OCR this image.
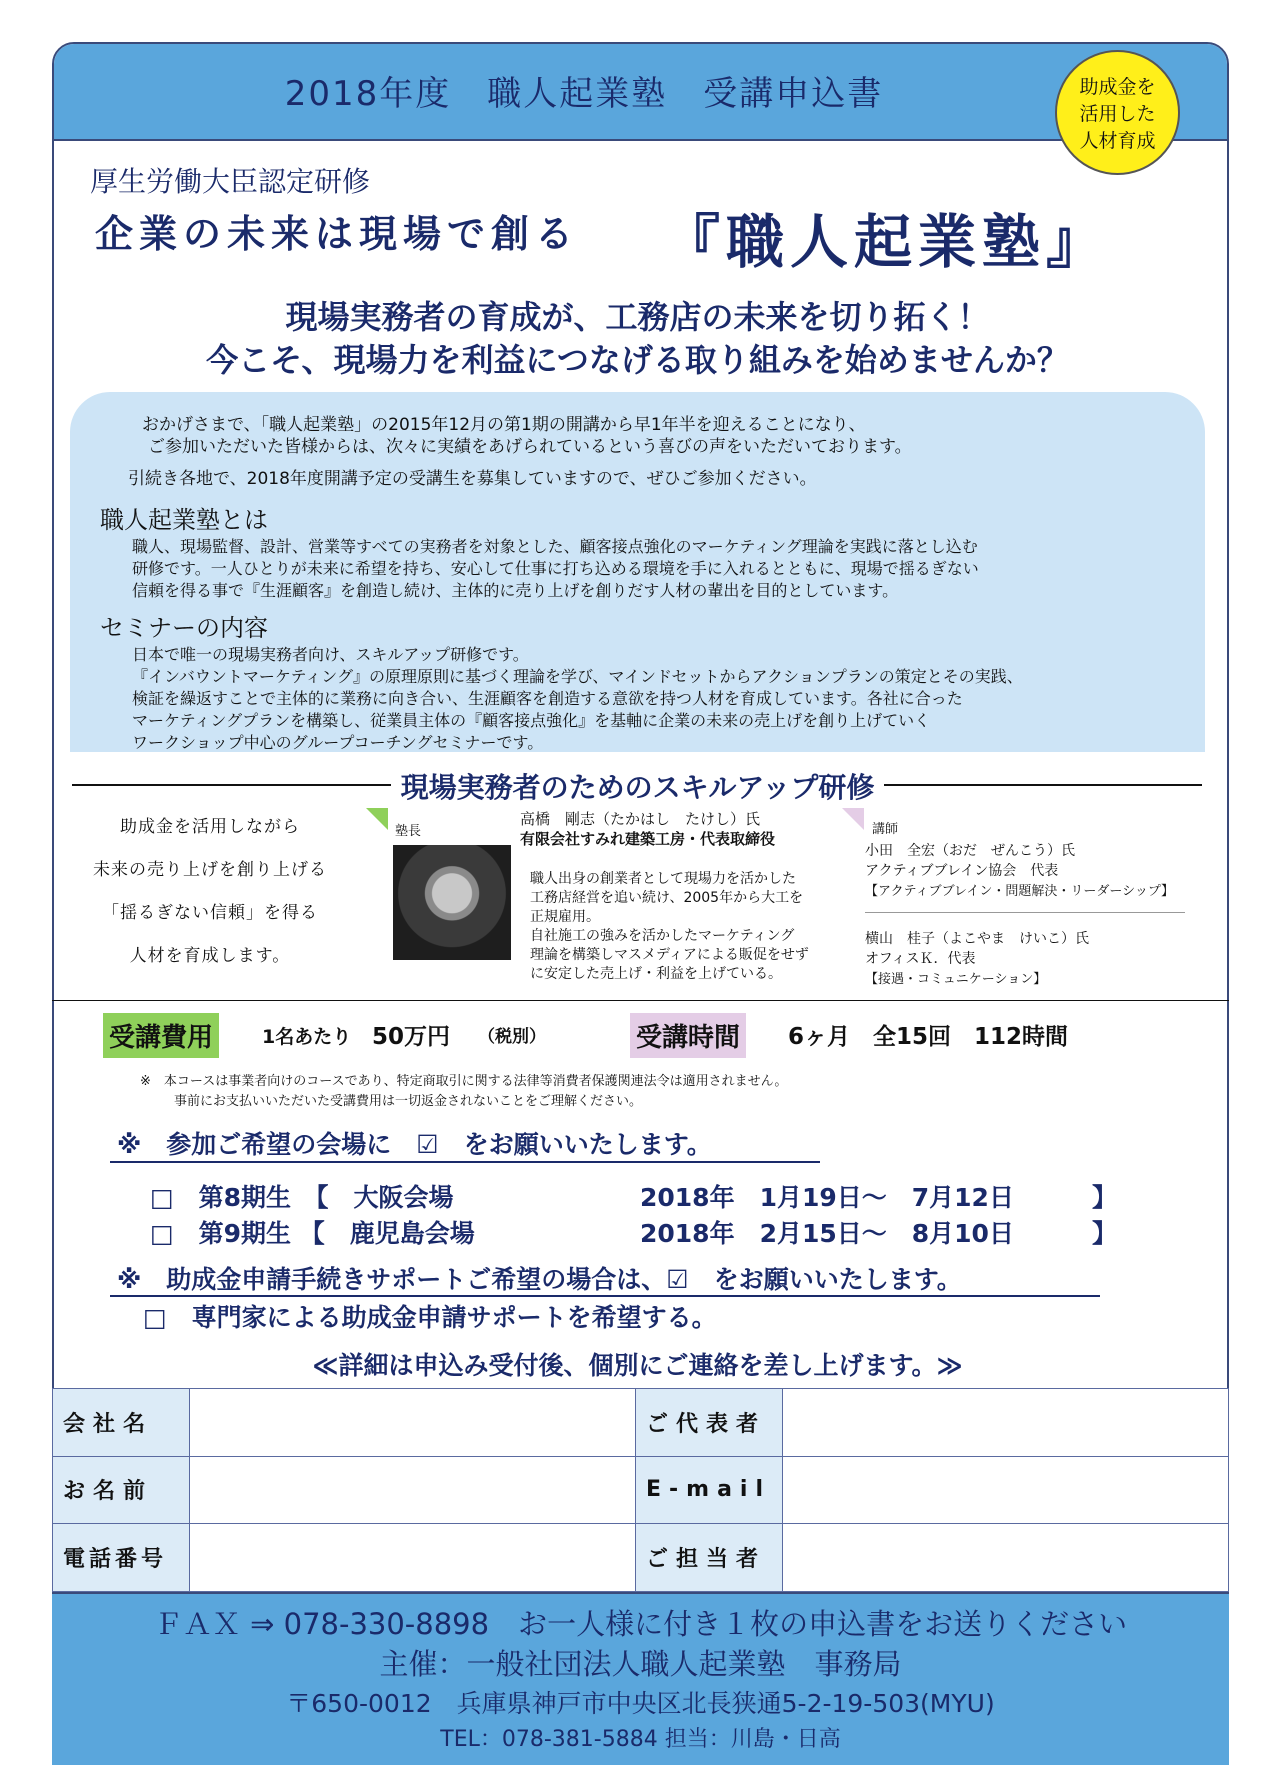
2018年度　職人起業塾　受講申込書	助成金を
活用した
人材育成
厚生労働大臣認定研修
企業の未来は現場で創る 『職人起業塾』
現場実務者の育成が、工務店の未来を切り拓く！
今こそ、現場力を利益につなげる取り組みを始めませんか？
おかげさまで、「職人起業塾」の2015年12月の第1期の開講から早1年半を迎えることになり、
ご参加いただいた皆様からは、次々に実績をあげられているという喜びの声をいただいております。
引続き各地で、2018年度開講予定の受講生を募集していますので、ぜひご参加ください。
職人起業塾とは
職人、現場監督、設計、営業等すべての実務者を対象とした、顧客接点強化のマーケティング理論を実践に落とし込む
研修です。一人ひとりが未来に希望を持ち、安心して仕事に打ち込める環境を手に入れるとともに、現場で揺るぎない
信頼を得る事で『生涯顧客』を創造し続け、主体的に売り上げを創りだす人材の輩出を目的としています。
セミナーの内容
日本で唯一の現場実務者向け、スキルアップ研修です。
『インバウントマーケティング』の原理原則に基づく理論を学び、マインドセットからアクションプランの策定とその実践、
検証を繰返すことで主体的に業務に向き合い、生涯顧客を創造する意欲を持つ人材を育成しています。各社に合った
マーケティングプランを構築し、従業員主体の『顧客接点強化』を基軸に企業の未来の売上げを創り上げていく
ワークショップ中心のグループコーチングセミナーです。
現場実務者のためのスキルアップ研修
助成金を活用しながら
未来の売り上げを創り上げる
「揺るぎない信頼」を得る
人材を育成します。
塾長
高橋　剛志（たかはし　たけし）氏
有限会社すみれ建築工房・代表取締役
職人出身の創業者として現場力を活かした
工務店経営を追い続け、2005年から大工を
正規雇用。
自社施工の強みを活かしたマーケティング
理論を構築しマスメディアによる販促をせず
に安定した売上げ・利益を上げている。
講師
小田　全宏（おだ　ぜんこう）氏
アクティブブレイン協会　代表
【アクティブブレイン・問題解決・リーダーシップ】
横山　桂子（よこやま　けいこ）氏
オフィスＫ．代表
【接遇・コミュニケーション】
受講費用	1名あたり 50万円 （税別）	受講時間 6ヶ月　全15回　112時間
※　本コースは事業者向けのコースであり、特定商取引に関する法律等消費者保護関連法令は適用されません。
事前にお支払いいただいた受講費用は一切返金されないことをご理解ください。
※　参加ご希望の会場に　☑　をお願いいたします。
□　第8期生　【　大阪会場	2018年　1月19日～　7月12日	】
□　第9期生 【　鹿児島会場	2018年　2月15日～　8月10日	】
※　助成金申請手続きサポートご希望の場合は、☑　をお願いいたします。
□　専門家による助成金申請サポートを希望する。
≪詳細は申込み受付後、個別にご連絡を差し上げます。≫
会社名		ご代表者	
お名前		E-mail	
電話番号		ご担当者	
ＦＡＸ ⇒ 078-330-8898　お一人様に付き１枚の申込書をお送りください
主催：一般社団法人職人起業塾　事務局
〒650-0012　兵庫県神戸市中央区北長狭通5-2-19-503(MYU)
TEL：078-381-5884 担当：川島・日高
